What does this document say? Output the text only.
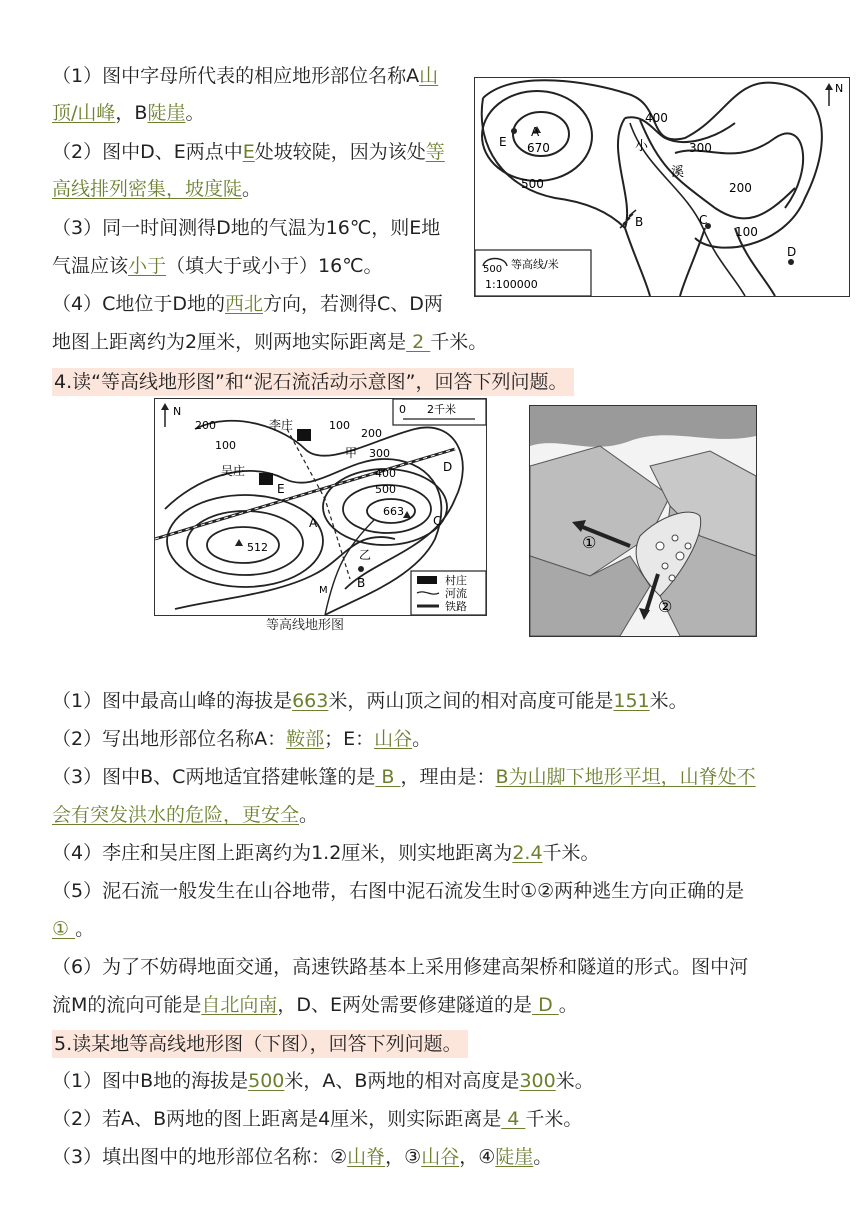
（1）图中字母所代表的相应地形部位名称A山
顶/山峰，B陡崖。
（2）图中D、E两点中E处坡较陡，因为该处等
高线排列密集，坡度陡。
（3）同一时间测得D地的气温为16℃，则E地
气温应该小于（填大于或小于）16℃。
（4）C地位于D地的西北方向，若测得C、D两
地图上距离约为2厘米，则两地实际距离是 2 千米。
N
A
670
E
400
300
200
100
500
小
溪
B	C
D
500 等高线/米
1:100000
4.读“等高线地形图”和“泥石流活动示意图”，回答下列问题。
N	0 2千米
200
100
100
200
300
甲
400
500
663
512
A
B
C
D
E
乙
M
李庄
吴庄
村庄
河流
铁路
等高线地形图
①
②
（1）图中最高山峰的海拔是663米，两山顶之间的相对高度可能是151米。
（2）写出地形部位名称A：鞍部；E：山谷。
（3）图中B、C两地适宜搭建帐篷的是 B ，理由是：B为山脚下地形平坦，山脊处不
会有突发洪水的危险，更安全。
（4）李庄和吴庄图上距离约为1.2厘米，则实地距离为2.4千米。
（5）泥石流一般发生在山谷地带，右图中泥石流发生时①②两种逃生方向正确的是
① 。
（6）为了不妨碍地面交通，高速铁路基本上采用修建高架桥和隧道的形式。图中河
流M的流向可能是自北向南，D、E两处需要修建隧道的是 D 。
5.读某地等高线地形图（下图），回答下列问题。
（1）图中B地的海拔是500米，A、B两地的相对高度是300米。
（2）若A、B两地的图上距离是4厘米，则实际距离是 4 千米。
（3）填出图中的地形部位名称：②山脊，③山谷，④陡崖。
